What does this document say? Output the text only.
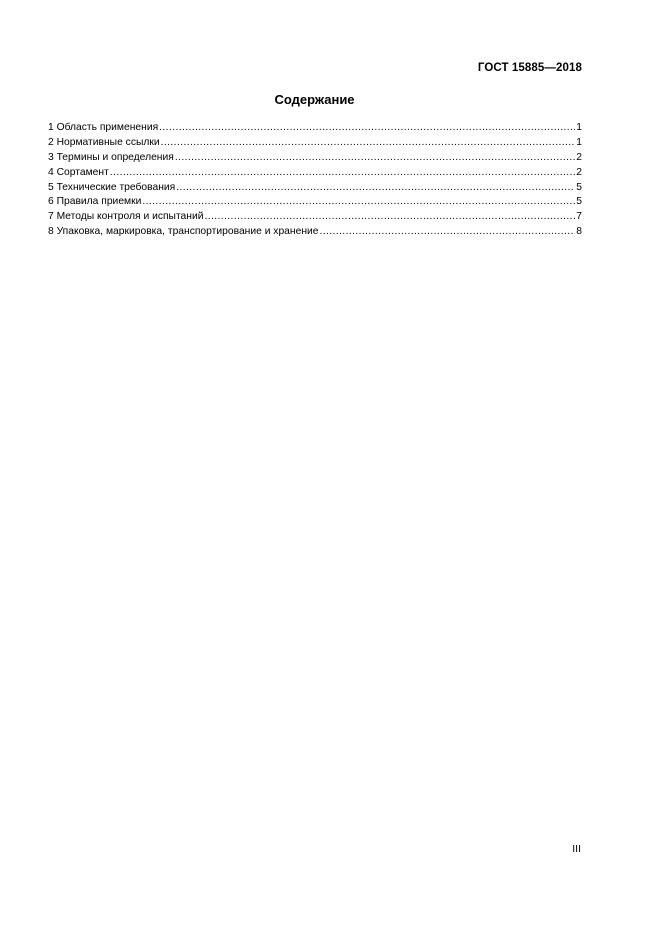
ГОСТ 15885—2018
Содержание
1 Область применения .....	1
2 Нормативные ссылки .....	1
3 Термины и определения .....	2
4 Сортамент .....	2
5 Технические требования .....	5
6 Правила приемки .....	5
7 Методы контроля и испытаний .....	7
8 Упаковка, маркировка, транспортирование и хранение .....	8
III
